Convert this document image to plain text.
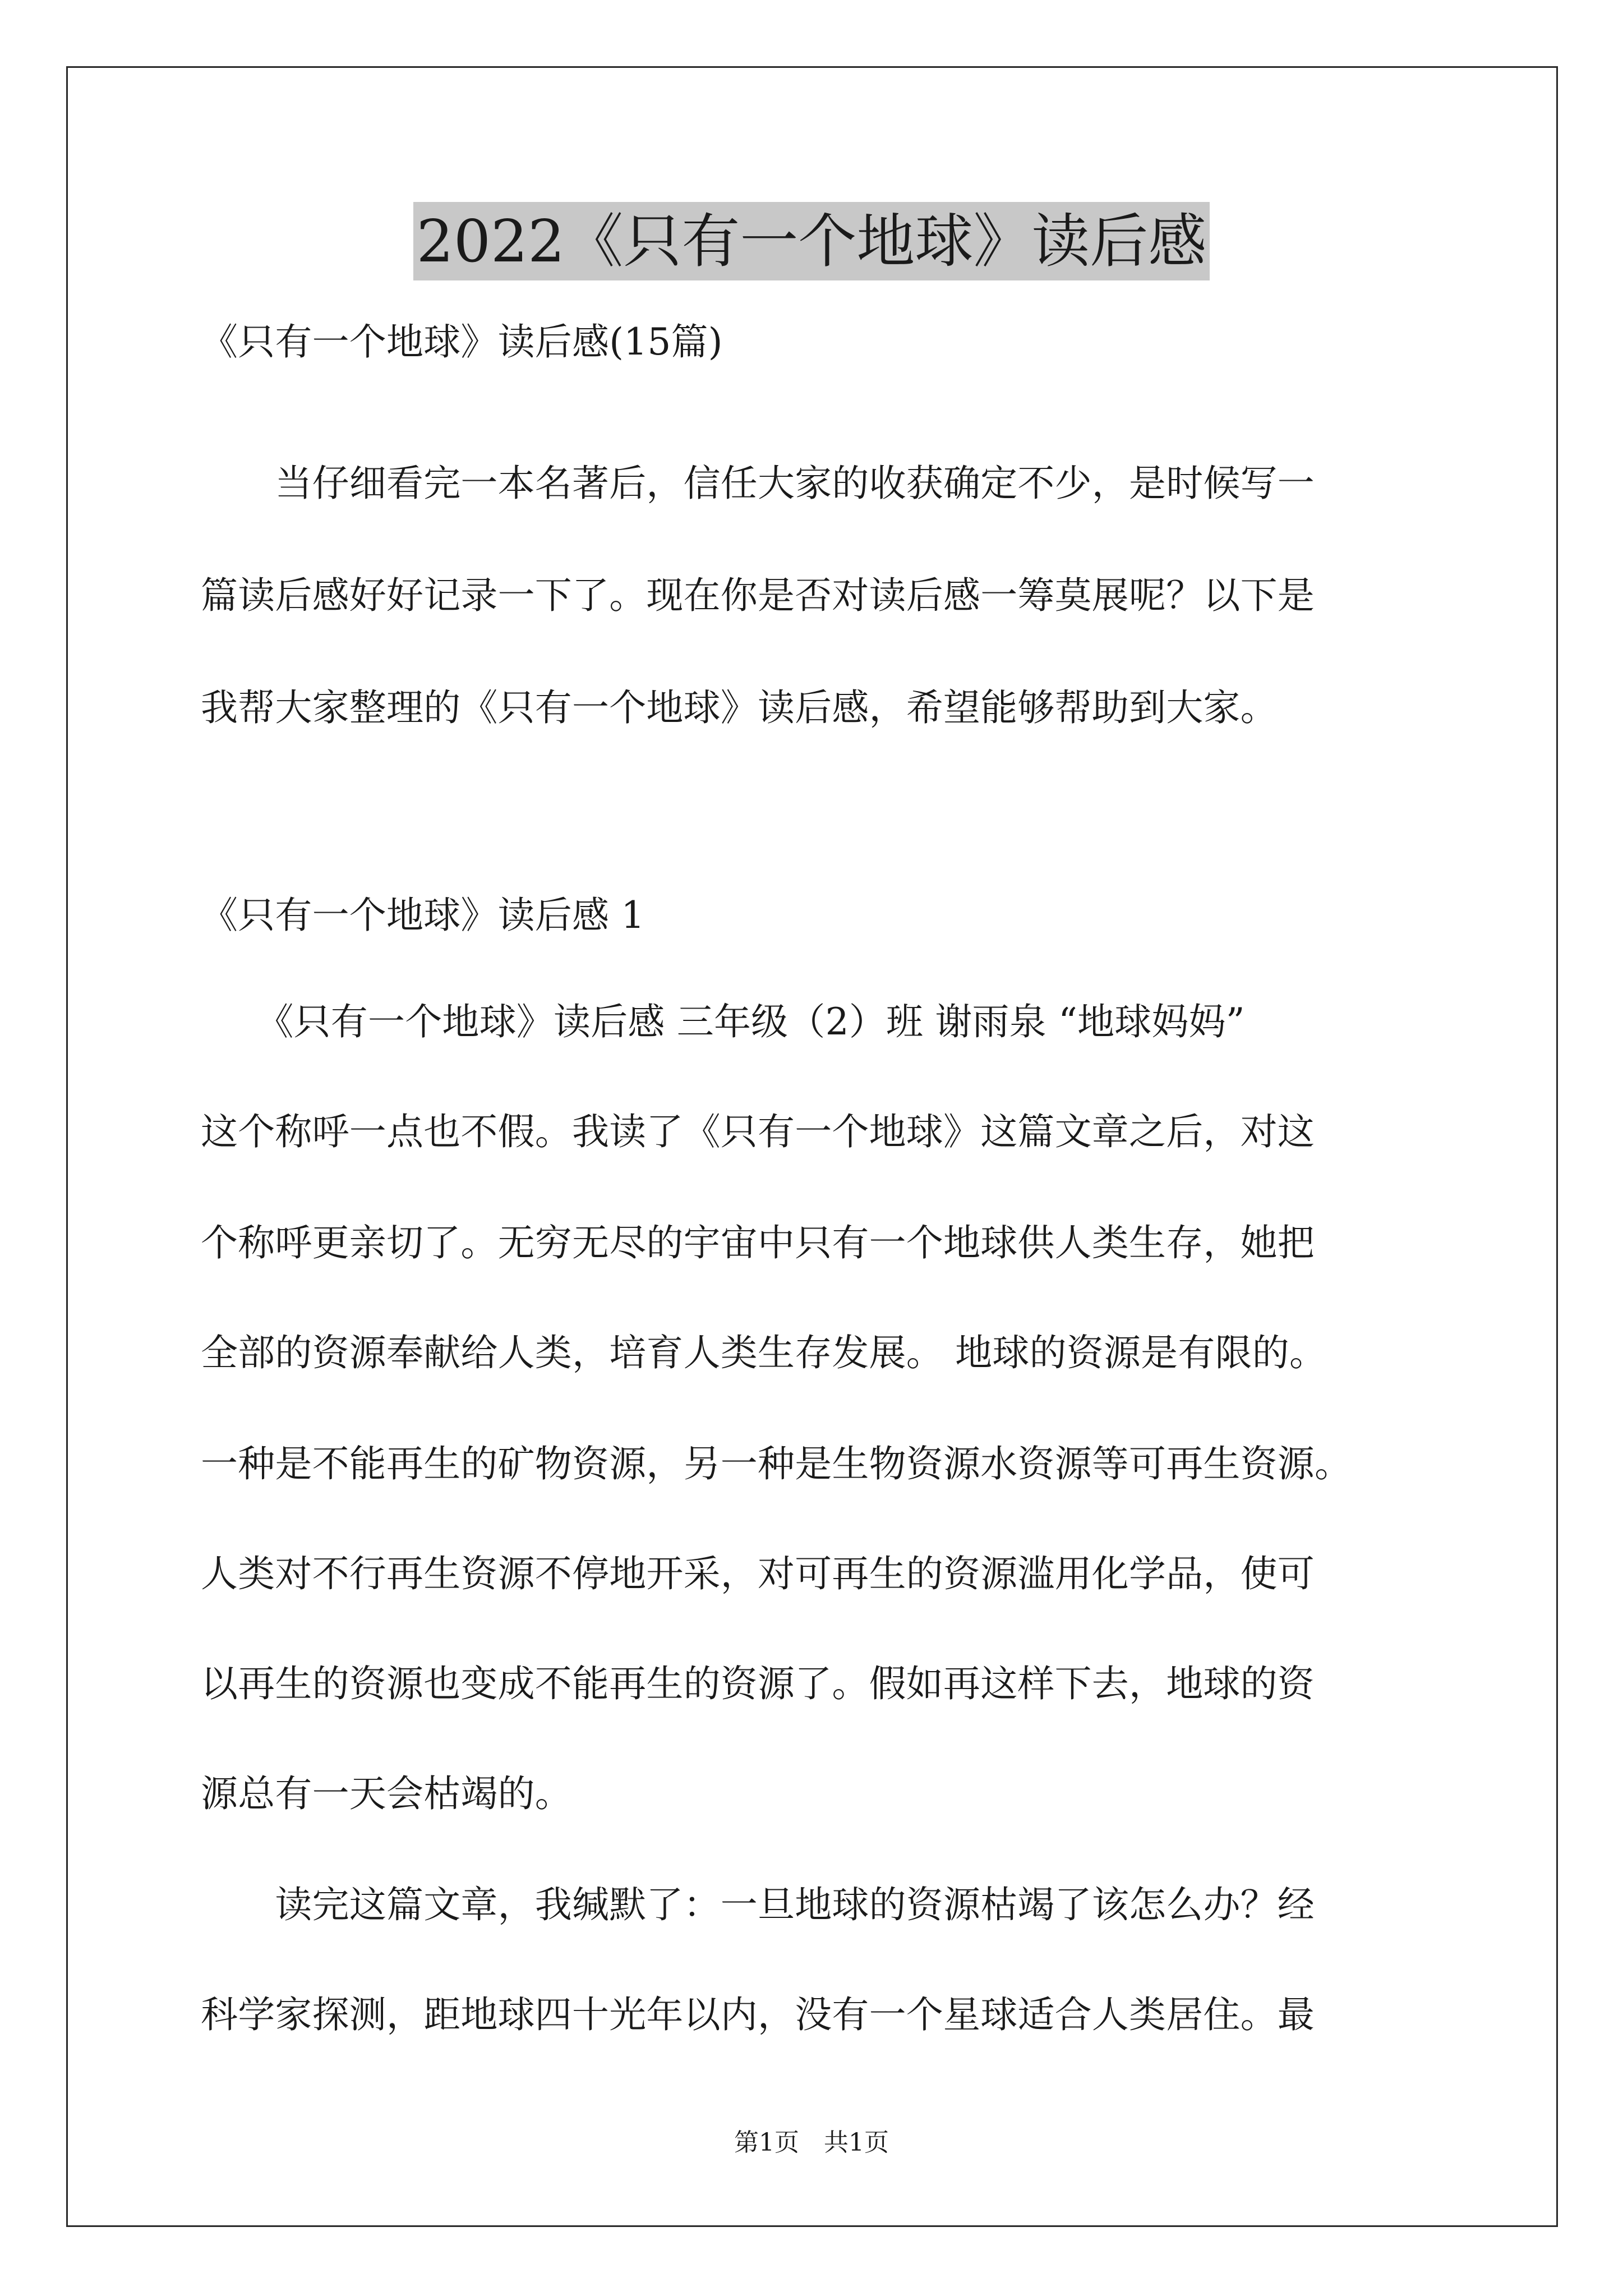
2022《只有一个地球》读后感
《只有一个地球》读后感(15篇)
　　当仔细看完一本名著后，信任大家的收获确定不少，是时候写一
篇读后感好好记录一下了。现在你是否对读后感一筹莫展呢？以下是
我帮大家整理的《只有一个地球》读后感，希望能够帮助到大家。
《只有一个地球》读后感 1
　　《只有一个地球》读后感 三年级（2）班 谢雨泉 “地球妈妈”
这个称呼一点也不假。我读了《只有一个地球》这篇文章之后，对这
个称呼更亲切了。无穷无尽的宇宙中只有一个地球供人类生存，她把
全部的资源奉献给人类，培育人类生存发展。 地球的资源是有限的。
一种是不能再生的矿物资源，另一种是生物资源水资源等可再生资源。
人类对不行再生资源不停地开采，对可再生的资源滥用化学品，使可
以再生的资源也变成不能再生的资源了。假如再这样下去，地球的资
源总有一天会枯竭的。
　　读完这篇文章，我缄默了：一旦地球的资源枯竭了该怎么办？经
科学家探测，距地球四十光年以内，没有一个星球适合人类居住。最
第1页　共1页
